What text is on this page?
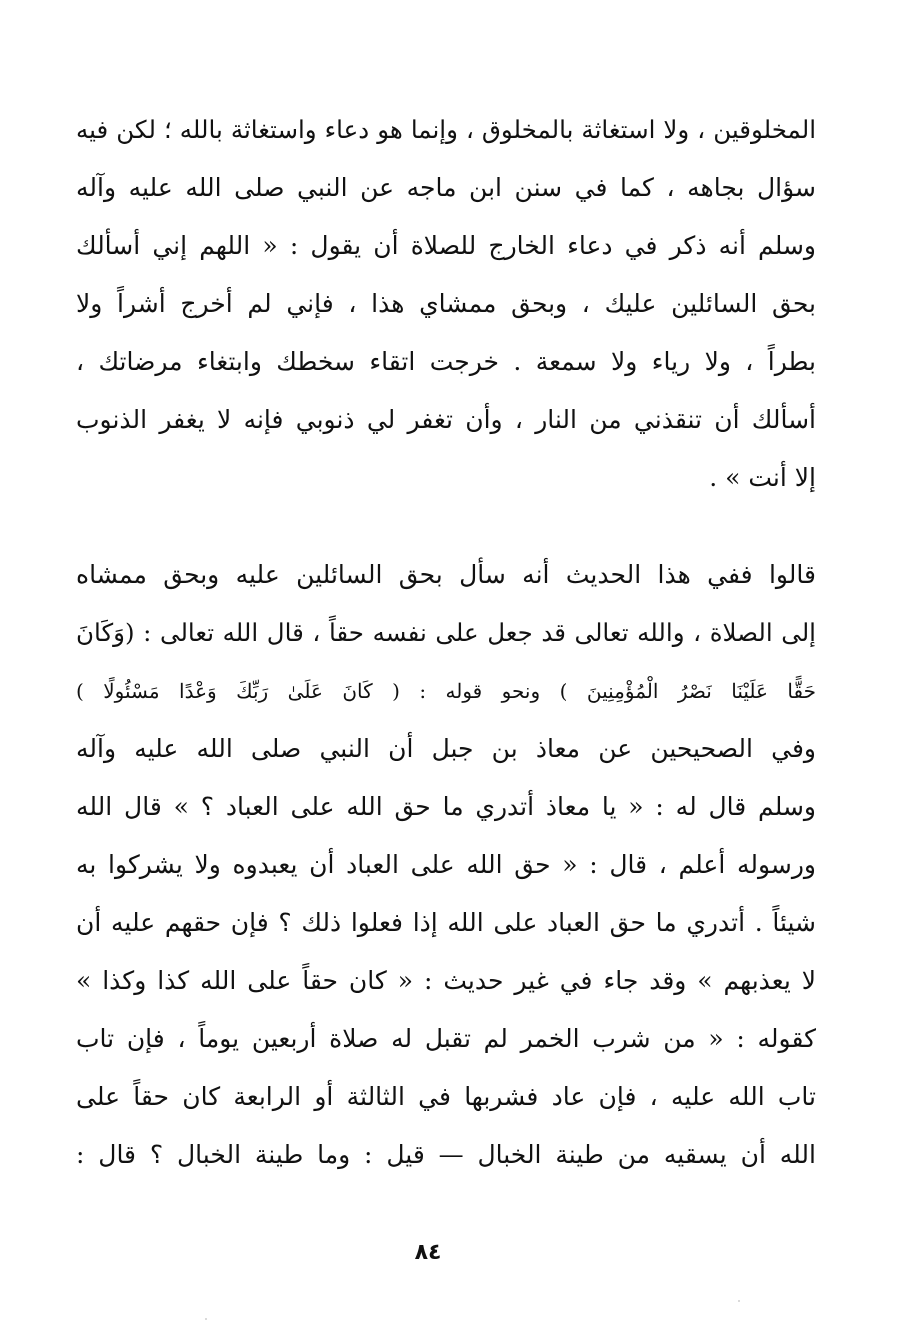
المخلوقين ، ولا استغاثة بالمخلوق ، وإنما هو دعاء واستغاثة بالله ؛ لكن فيه
سؤال بجاهه ، كما في سنن ابن ماجه عن النبي صلى الله عليه وآله
وسلم أنه ذكر في دعاء الخارج للصلاة أن يقول : « اللهم إني أسألك
بحق السائلين عليك ، وبحق ممشاي هذا ، فإني لم أخرج أشراً ولا
بطراً ، ولا رياء ولا سمعة . خرجت اتقاء سخطك وابتغاء مرضاتك ،
أسألك أن تنقذني من النار ، وأن تغفر لي ذنوبي فإنه لا يغفر الذنوب
إلا أنت » .
قالوا ففي هذا الحديث أنه سأل بحق السائلين عليه وبحق ممشاه
إلى الصلاة ، والله تعالى قد جعل على نفسه حقاً ، قال الله تعالى : (وَكَانَ
حَقًّا عَلَيْنَا نَصْرُ الْمُؤْمِنِينَ ) ونحو قوله : ( كَانَ عَلَىٰ رَبِّكَ وَعْدًا مَسْئُولًا )
وفي الصحيحين عن معاذ بن جبل أن النبي صلى الله عليه وآله
وسلم قال له : « يا معاذ أتدري ما حق الله على العباد ؟ » قال الله
ورسوله أعلم ، قال : « حق الله على العباد أن يعبدوه ولا يشركوا به
شيئاً . أتدري ما حق العباد على الله إذا فعلوا ذلك ؟ فإن حقهم عليه أن
لا يعذبهم » وقد جاء في غير حديث : « كان حقاً على الله كذا وكذا »
كقوله : « من شرب الخمر لم تقبل له صلاة أربعين يوماً ، فإن تاب
تاب الله عليه ، فإن عاد فشربها في الثالثة أو الرابعة كان حقاً على
الله أن يسقيه من طينة الخبال — قيل : وما طينة الخبال ؟ قال :
٨٤
